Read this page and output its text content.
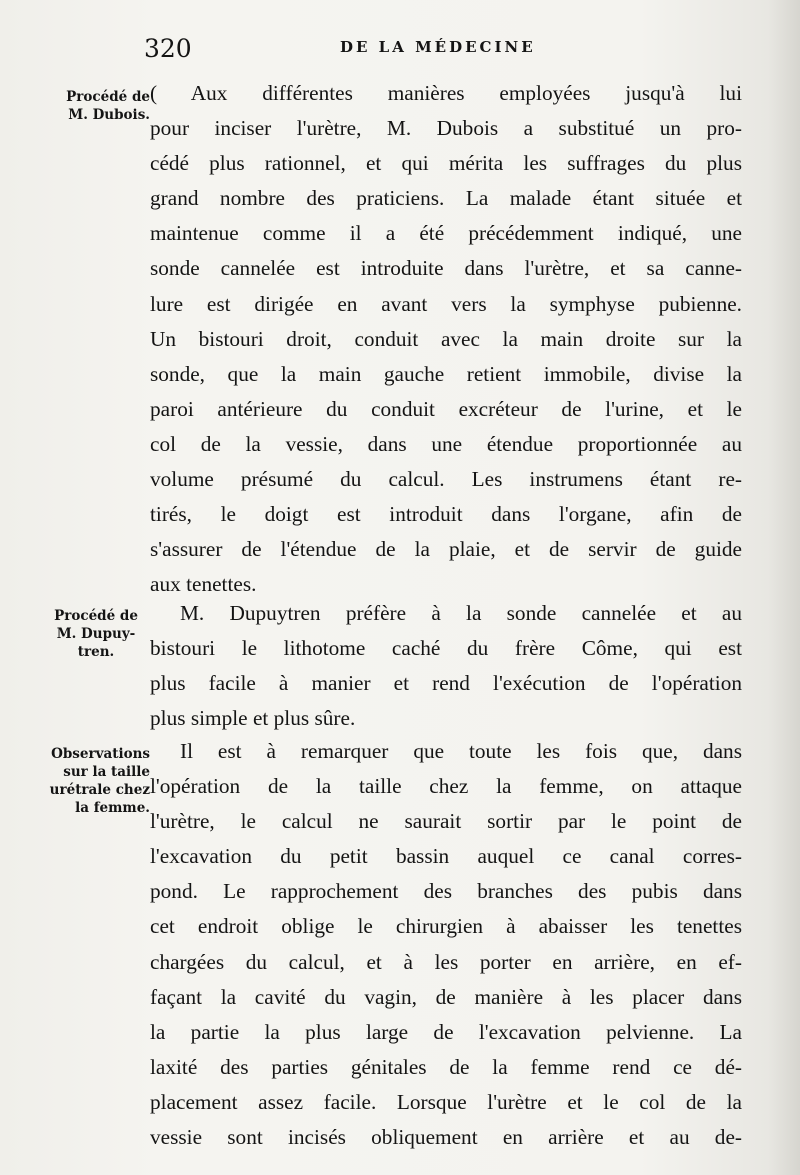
320	DE LA MÉDECINE
Procédé de
M. Dubois.
Procédé de
M. Dupuy-
tren.
Observations
sur la taille
urétrale chez
la femme.
( Aux différentes manières employées jusqu'à lui
pour inciser l'urètre, M. Dubois a substitué un pro-
cédé plus rationnel, et qui mérita les suffrages du plus
grand nombre des praticiens. La malade étant située et
maintenue comme il a été précédemment indiqué, une
sonde cannelée est introduite dans l'urètre, et sa canne-
lure est dirigée en avant vers la symphyse pubienne.
Un bistouri droit, conduit avec la main droite sur la
sonde, que la main gauche retient immobile, divise la
paroi antérieure du conduit excréteur de l'urine, et le
col de la vessie, dans une étendue proportionnée au
volume présumé du calcul. Les instrumens étant re-
tirés, le doigt est introduit dans l'organe, afin de
s'assurer de l'étendue de la plaie, et de servir de guide
aux tenettes.
M. Dupuytren préfère à la sonde cannelée et au
bistouri le lithotome caché du frère Côme, qui est
plus facile à manier et rend l'exécution de l'opération
plus simple et plus sûre.
Il est à remarquer que toute les fois que, dans
l'opération de la taille chez la femme, on attaque
l'urètre, le calcul ne saurait sortir par le point de
l'excavation du petit bassin auquel ce canal corres-
pond. Le rapprochement des branches des pubis dans
cet endroit oblige le chirurgien à abaisser les tenettes
chargées du calcul, et à les porter en arrière, en ef-
façant la cavité du vagin, de manière à les placer dans
la partie la plus large de l'excavation pelvienne. La
laxité des parties génitales de la femme rend ce dé-
placement assez facile. Lorsque l'urètre et le col de la
vessie sont incisés obliquement en arrière et au de-
